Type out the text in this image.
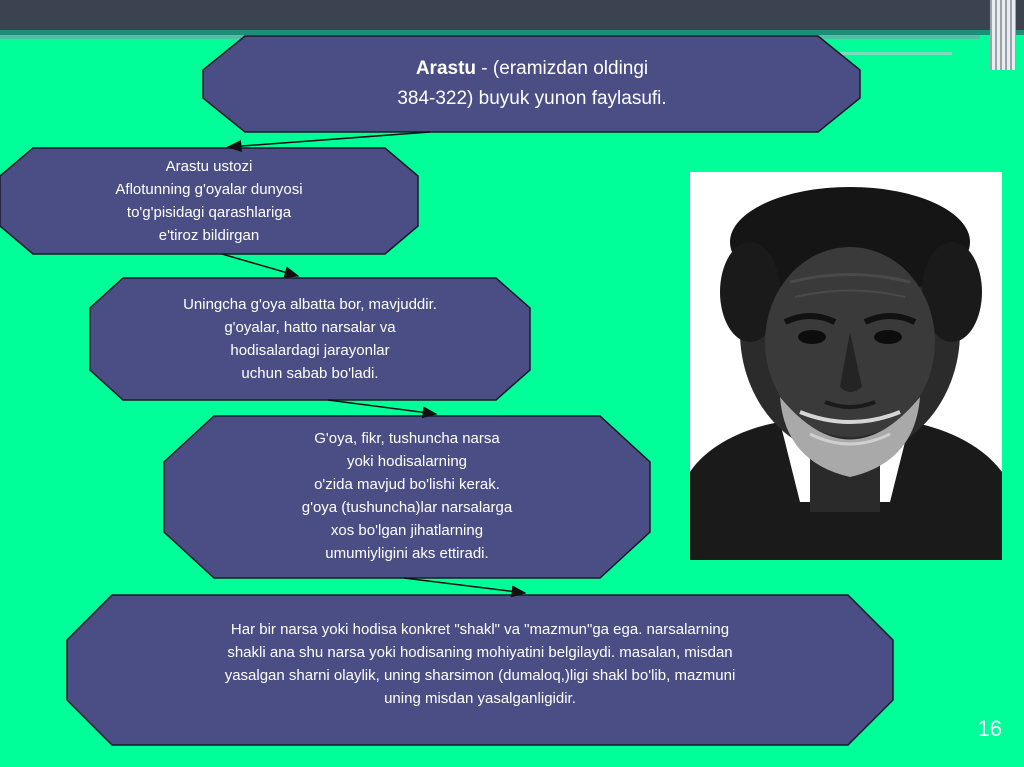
Arastu - (eramizdan oldingi
384-322) buyuk yunon faylasufi.
Arastu ustozi
Aflotunning g'oyalar dunyosi
to'g'pisidagi qarashlariga
e'tiroz bildirgan
Uningcha g'oya albatta bor, mavjuddir.
g'oyalar, hatto narsalar va
hodisalardagi jarayonlar
uchun sabab bo'ladi.
G'oya, fikr, tushuncha narsa
yoki hodisalarning
o'zida mavjud bo'lishi kerak.
g'oya (tushuncha)lar narsalarga
xos bo'lgan jihatlarning
umumiyligini aks ettiradi.
Har bir narsa yoki hodisa konkret "shakl" va "mazmun"ga ega. narsalarning
shakli ana shu narsa yoki hodisaning mohiyatini belgilaydi. masalan, misdan
yasalgan sharni olaylik, uning sharsimon (dumaloq,)ligi shakl bo'lib, mazmuni
uning misdan yasalganligidir.
16
